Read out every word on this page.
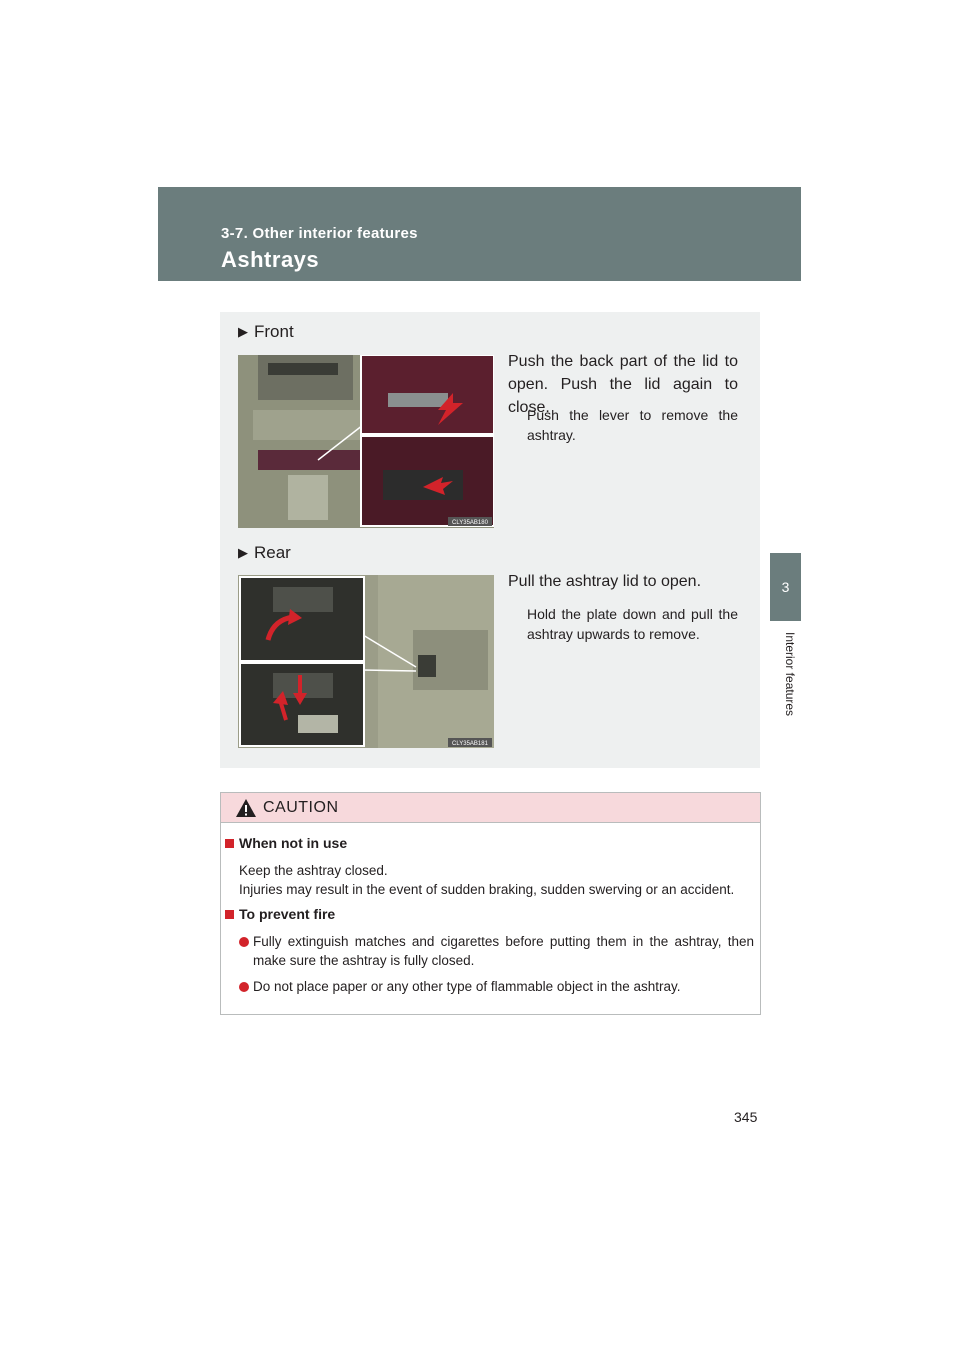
3-7. Other interior features
Ashtrays
3
Interior features
▶ Front
CLY35AB180
Push the back part of the lid to open. Push the lid again to close.
Push the lever to remove the ashtray.
▶ Rear
CLY35AB181
Pull the ashtray lid to open.
Hold the plate down and pull the ashtray upwards to remove.
CAUTION
When not in use
Keep the ashtray closed.
Injuries may result in the event of sudden braking, sudden swerving or an accident.
To prevent fire
Fully extinguish matches and cigarettes before putting them in the ashtray, then make sure the ashtray is fully closed.
Do not place paper or any other type of flammable object in the ashtray.
345
